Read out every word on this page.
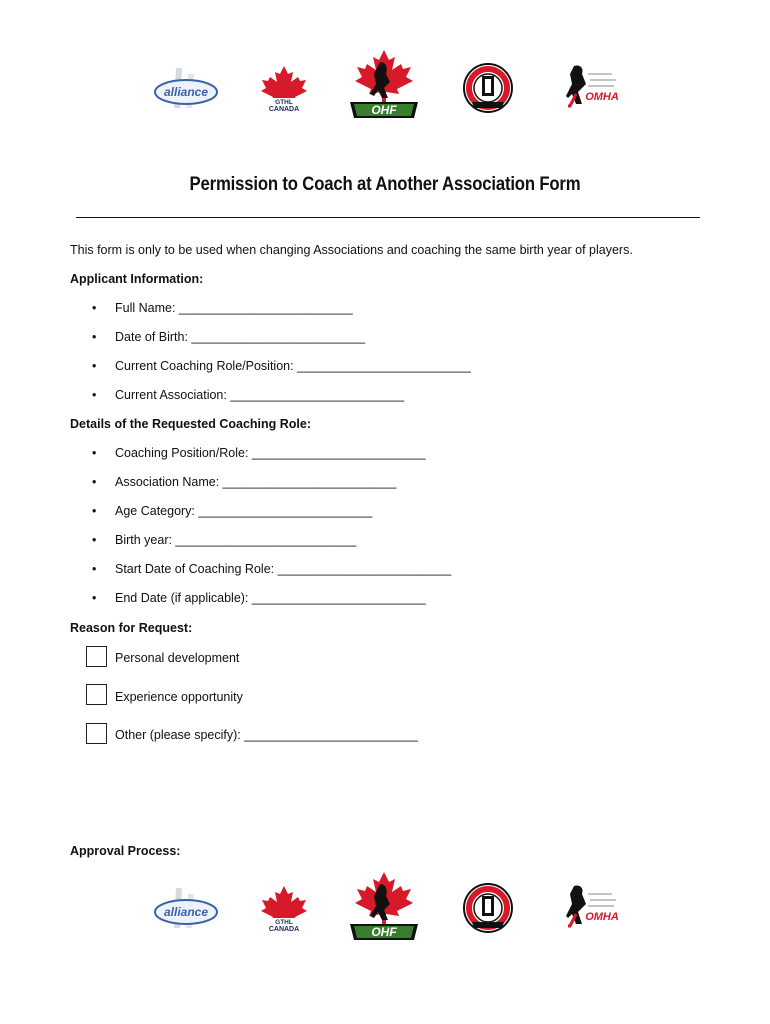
alliance
GTHL
CANADA	OHF
OMHA
Permission to Coach at Another Association Form
This form is only to be used when changing Associations and coaching the same birth year of players.
Applicant Information:
• Full Name: _________________________
• Date of Birth: _________________________
• Current Coaching Role/Position: _________________________
• Current Association: _________________________
Details of the Requested Coaching Role:
• Coaching Position/Role: _________________________
• Association Name: _________________________
• Age Category: _________________________
• Birth year: __________________________
• Start Date of Coaching Role: _________________________
• End Date (if applicable): _________________________
Reason for Request:
Personal development
Experience opportunity
Other (please specify): _________________________
Approval Process:
alliance
GTHL
CANADA	OHF
OMHA
